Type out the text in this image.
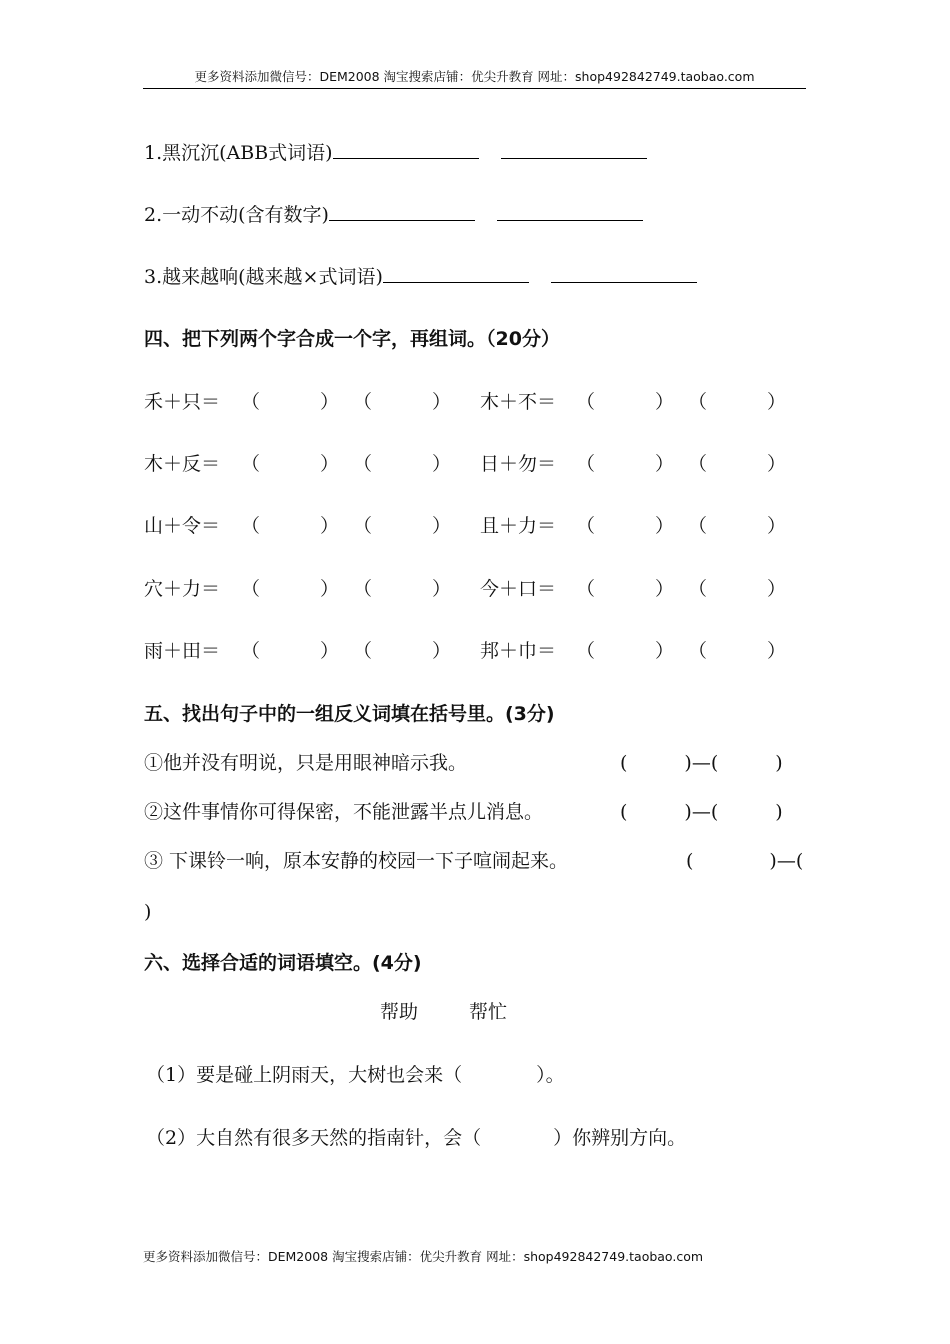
更多资料添加微信号：DEM2008 淘宝搜索店铺：优尖升教育 网址：shop492842749.taobao.com
1.黑沉沉(ABB式词语)
2.一动不动(含有数字)
3.越来越响(越来越×式词语)
四、把下列两个字合成一个字，再组词。（20分）
禾＋只＝ （	） （	） 木＋不＝ （	） （	）
木＋反＝ （	） （	） 日＋勿＝ （	） （	）
山＋令＝ （	） （	） 且＋力＝ （	） （	）
穴＋力＝ （	） （	） 今＋口＝ （	） （	）
雨＋田＝ （	） （	） 邦＋巾＝ （	） （	）
五、找出句子中的一组反义词填在括号里。(3分)
①他并没有明说，只是用眼神暗示我。	(　　　)—(　　　)
②这件事情你可得保密，不能泄露半点儿消息。	(　　　)—(　　　)
③ 下课铃一响，原本安静的校园一下子喧闹起来。	(　　　　)—(
)
六、选择合适的词语填空。(4分)
帮助	帮忙
（1）要是碰上阴雨天，大树也会来（	）。
（2）大自然有很多天然的指南针，会（	）你辨别方向。
更多资料添加微信号：DEM2008 淘宝搜索店铺：优尖升教育 网址：shop492842749.taobao.com
